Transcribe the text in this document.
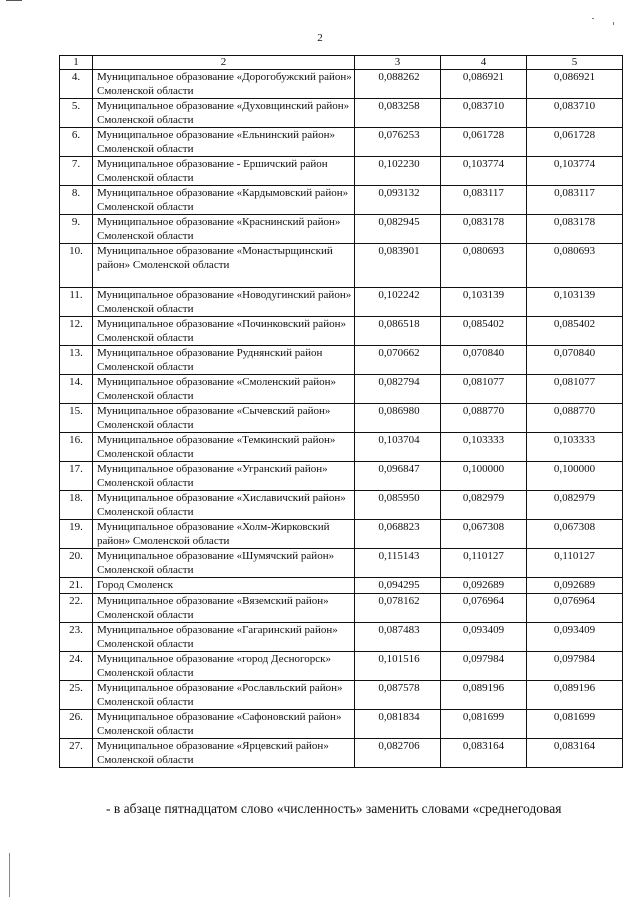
2
1	2	3	4	5
4.	Муниципальное образование «Дорогобужский район» Смоленской области	0,088262	0,086921	0,086921
5.	Муниципальное образование «Духовщинский район» Смоленской области	0,083258	0,083710	0,083710
6.	Муниципальное образование «Ельнинский район» Смоленской области	0,076253	0,061728	0,061728
7.	Муниципальное образование - Ершичский район Смоленской области	0,102230	0,103774	0,103774
8.	Муниципальное образование «Кардымовский район» Смоленской области	0,093132	0,083117	0,083117
9.	Муниципальное образование «Краснинский район» Смоленской области	0,082945	0,083178	0,083178
10.	Муниципальное образование «Монастырщинский район» Смоленской области	0,083901	0,080693	0,080693
11.	Муниципальное образование «Новодугинский район» Смоленской области	0,102242	0,103139	0,103139
12.	Муниципальное образование «Починковский район» Смоленской области	0,086518	0,085402	0,085402
13.	Муниципальное образование Руднянский район Смоленской области	0,070662	0,070840	0,070840
14.	Муниципальное образование «Смоленский район» Смоленской области	0,082794	0,081077	0,081077
15.	Муниципальное образование «Сычевский район» Смоленской области	0,086980	0,088770	0,088770
16.	Муниципальное образование «Темкинский район» Смоленской области	0,103704	0,103333	0,103333
17.	Муниципальное образование «Угранский район» Смоленской области	0,096847	0,100000	0,100000
18.	Муниципальное образование «Хиславичский район» Смоленской области	0,085950	0,082979	0,082979
19.	Муниципальное образование «Холм-Жирковский район» Смоленской области	0,068823	0,067308	0,067308
20.	Муниципальное образование «Шумячский район» Смоленской области	0,115143	0,110127	0,110127
21.	Город Смоленск	0,094295	0,092689	0,092689
22.	Муниципальное образование «Вяземский район» Смоленской области	0,078162	0,076964	0,076964
23.	Муниципальное образование «Гагаринский район» Смоленской области	0,087483	0,093409	0,093409
24.	Муниципальное образование «город Десногорск» Смоленской области	0,101516	0,097984	0,097984
25.	Муниципальное образование «Рославльский район» Смоленской области	0,087578	0,089196	0,089196
26.	Муниципальное образование «Сафоновский район» Смоленской области	0,081834	0,081699	0,081699
27.	Муниципальное образование «Ярцевский район» Смоленской области	0,082706	0,083164	0,083164
- в абзаце пятнадцатом слово «численность» заменить словами «среднегодовая
